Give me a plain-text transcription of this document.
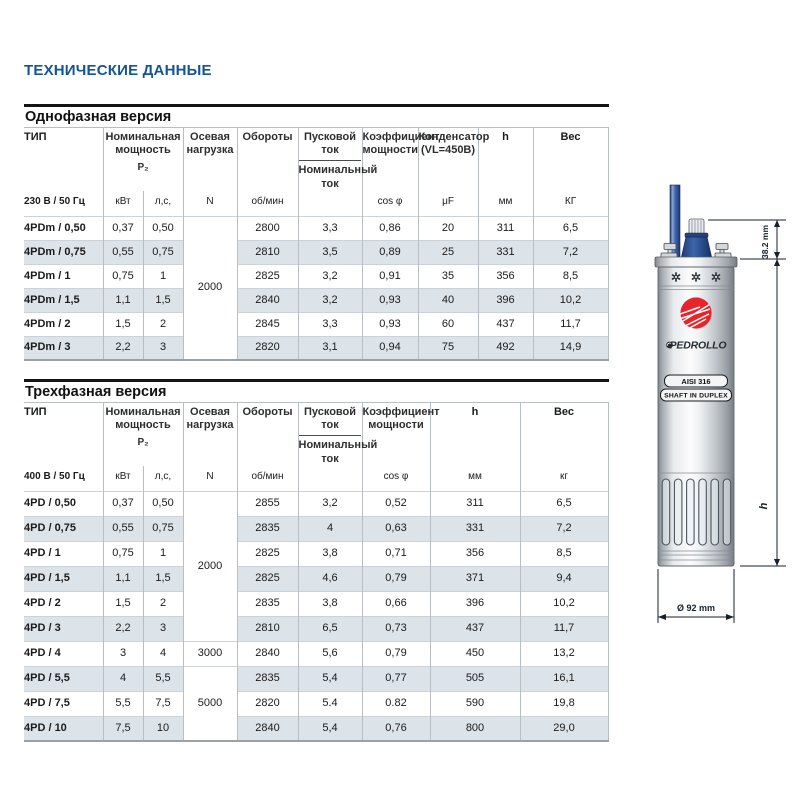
ТЕХНИЧЕСКИЕ ДАННЫЕ
Однофазная версия
ТИП	Номинальная мощность
P₂
	Осевая нагрузка	Обороты	Пусковой ток
Номинальный ток
	Коэффициент мощности	Конденсатор (VL=450B)	h	Вес
230 В / 50 Гц	кВт	л,с,	N	об/мин		cos φ	μF	мм	КГ
4PDm / 0,50	0,37	0,50	2000	2800	3,3	0,86	20	311	6,5
4PDm / 0,75	0,55	0,75		2810	3,5	0,89	25	331	7,2
4PDm / 1	0,75	1		2825	3,2	0,91	35	356	8,5
4PDm / 1,5	1,1	1,5		2840	3,2	0,93	40	396	10,2
4PDm / 2	1,5	2		2845	3,3	0,93	60	437	11,7
4PDm / 3	2,2	3		2820	3,1	0,94	75	492	14,9
Трехфазная версия
ТИП	Номинальная мощность
P₂
	Осевая нагрузка	Обороты	Пусковой ток
Номинальный ток
	Коэффициент мощности	h	Вес
400 В / 50 Гц	кВт	л,с,	N	об/мин		cos φ	мм	кг
4PD / 0,50	0,37	0,50	2000	2855	3,2	0,52	311	6,5
4PD / 0,75	0,55	0,75		2835	4	0,63	331	7,2
4PD / 1	0,75	1		2825	3,8	0,71	356	8,5
4PD / 1,5	1,1	1,5		2825	4,6	0,79	371	9,4
4PD / 2	1,5	2		2835	3,8	0,66	396	10,2
4PD / 3	2,2	3		2810	6,5	0,73	437	11,7
4PD / 4	3	4	3000	2840	5,6	0,79	450	13,2
4PD / 5,5	4	5,5	5000	2835	5,4	0,77	505	16,1
4PD / 7,5	5,5	7,5		2820	5.4	0.82	590	19,8
4PD / 10	7,5	10		2840	5,4	0,76	800	29,0
38.2 mm
h
PEDROLLO
AISI 316
SHAFT IN DUPLEX
Ø 92 mm
